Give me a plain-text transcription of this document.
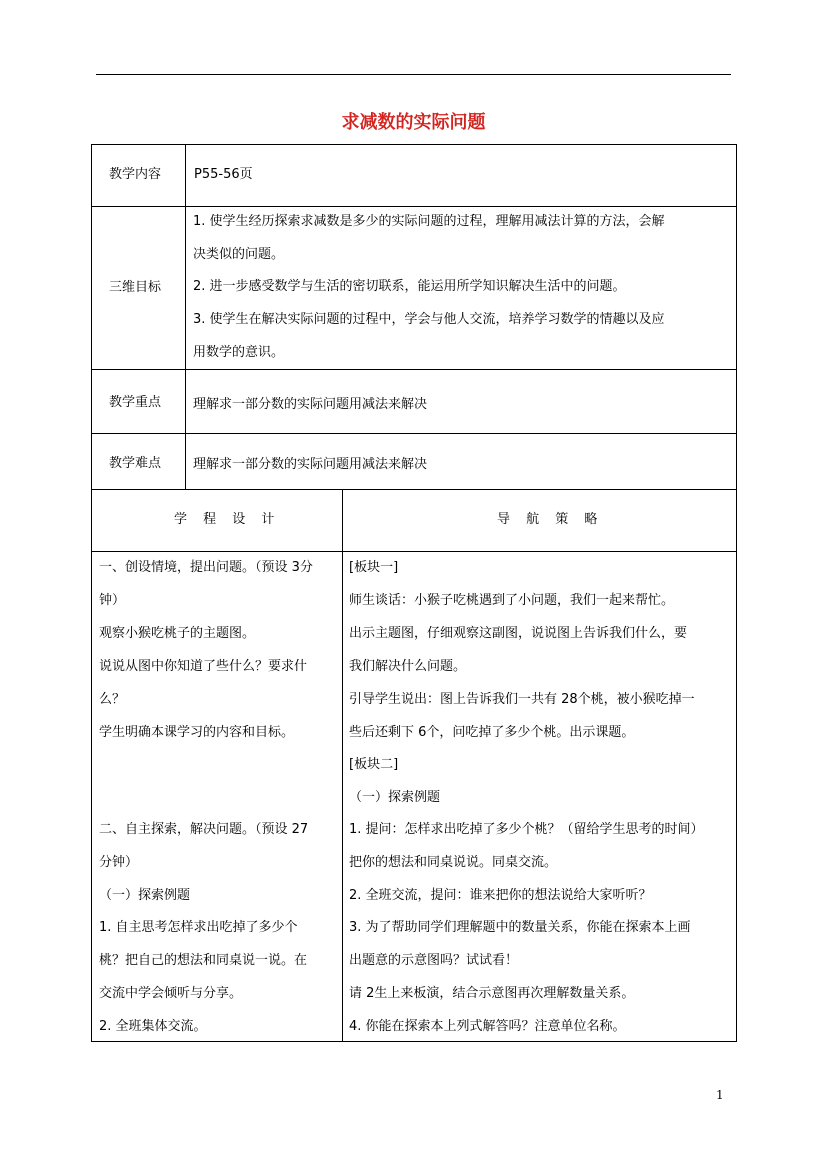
求减数的实际问题
教学内容
三维目标
教学重点
教学难点
P55-56页
1. 使学生经历探索求减数是多少的实际问题的过程，理解用减法计算的方法，会解
决类似的问题。
2. 进一步感受数学与生活的密切联系，能运用所学知识解决生活中的问题。
3. 使学生在解决实际问题的过程中，学会与他人交流，培养学习数学的情趣以及应
用数学的意识。
理解求一部分数的实际问题用减法来解决
理解求一部分数的实际问题用减法来解决
学 程 设 计	导 航 策 略
一、创设情境，提出问题。（预设 3分
钟）
观察小猴吃桃子的主题图。
说说从图中你知道了些什么？要求什
么？
学生明确本课学习的内容和目标。
二、自主探索，解决问题。（预设 27
分钟）
（一）探索例题
1. 自主思考怎样求出吃掉了多少个
桃？把自己的想法和同桌说一说。在
交流中学会倾听与分享。
2. 全班集体交流。
[板块一]
师生谈话：小猴子吃桃遇到了小问题，我们一起来帮忙。
出示主题图，仔细观察这副图，说说图上告诉我们什么，要
我们解决什么问题。
引导学生说出：图上告诉我们一共有 28个桃，被小猴吃掉一
些后还剩下 6个，问吃掉了多少个桃。出示课题。
[板块二]
（一）探索例题
1. 提问：怎样求出吃掉了多少个桃？（留给学生思考的时间）
把你的想法和同桌说说。同桌交流。
2. 全班交流，提问：谁来把你的想法说给大家听听？
3. 为了帮助同学们理解题中的数量关系，你能在探索本上画
出题意的示意图吗？试试看！
请 2生上来板演，结合示意图再次理解数量关系。
4. 你能在探索本上列式解答吗？注意单位名称。
1
